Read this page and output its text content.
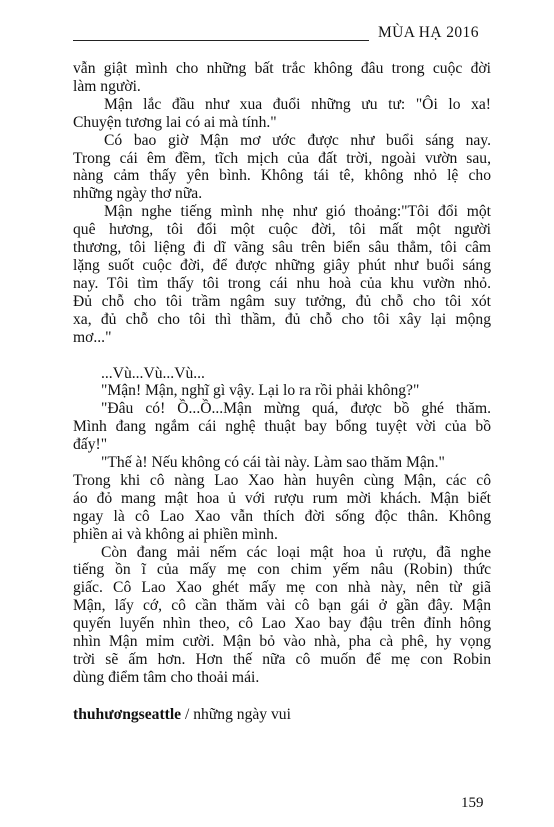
MÙA HẠ 2016

vẫn giật mình cho những bất trắc không đâu trong cuộc đời

làm người.

Mận lắc đầu như xua đuổi những ưu tư: "Ôi lo xa!

Chuyện tương lai có ai mà tính."

Có bao giờ Mận mơ ước được như buổi sáng nay.

Trong cái êm đềm, tĩch mịch của đất trời, ngoài vườn sau,

nàng cảm thấy yên bình. Không tái tê, không nhỏ lệ cho

những ngày thơ nữa.

Mận nghe tiếng mình nhẹ như gió thoảng:"Tôi đổi một

quê hương, tôi đổi một cuộc đời, tôi mất một người

thương, tôi liệng đi dĩ vãng sâu trên biển sâu thẳm, tôi câm

lặng suốt cuộc đời, để được những giây phút như buổi sáng

nay. Tôi tìm thấy tôi trong cái nhu hoà của khu vườn nhỏ.

Đủ chỗ cho tôi trầm ngâm suy tưởng, đủ chỗ cho tôi xót

xa, đủ chỗ cho tôi thì thầm, đủ chỗ cho tôi xây lại mộng

mơ..."

...Vù...Vù...Vù...

"Mận! Mận, nghĩ gì vậy. Lại lo ra rồi phải không?"

"Đâu có! Ồ...Ồ...Mận mừng quá, được bồ ghé thăm.

Mình đang ngắm cái nghệ thuật bay bổng tuyệt vời của bồ

đấy!"

"Thế à! Nếu không có cái tài này. Làm sao thăm Mận."

Trong khi cô nàng Lao Xao hàn huyên cùng Mận, các cô

áo đỏ mang mật hoa ủ với rượu rum mời khách. Mận biết

ngay là cô Lao Xao vẫn thích đời sống độc thân. Không

phiền ai và không ai phiền mình.

Còn đang mải nếm các loại mật hoa ủ rượu, đã nghe

tiếng ồn ĩ của mấy mẹ con chim yếm nâu (Robin) thức

giấc. Cô Lao Xao ghét mấy mẹ con nhà này, nên từ giã

Mận, lấy cớ, cô cần thăm vài cô bạn gái ở gần đây. Mận

quyến luyến nhìn theo, cô Lao Xao bay đậu trên đỉnh hông

nhìn Mận mỉm cười. Mận bỏ vào nhà, pha cà phê, hy vọng

trời sẽ ấm hơn. Hơn thế nữa cô muốn để mẹ con Robin

dùng điểm tâm cho thoải mái.

thuhươngseattle / những ngày vui
159
